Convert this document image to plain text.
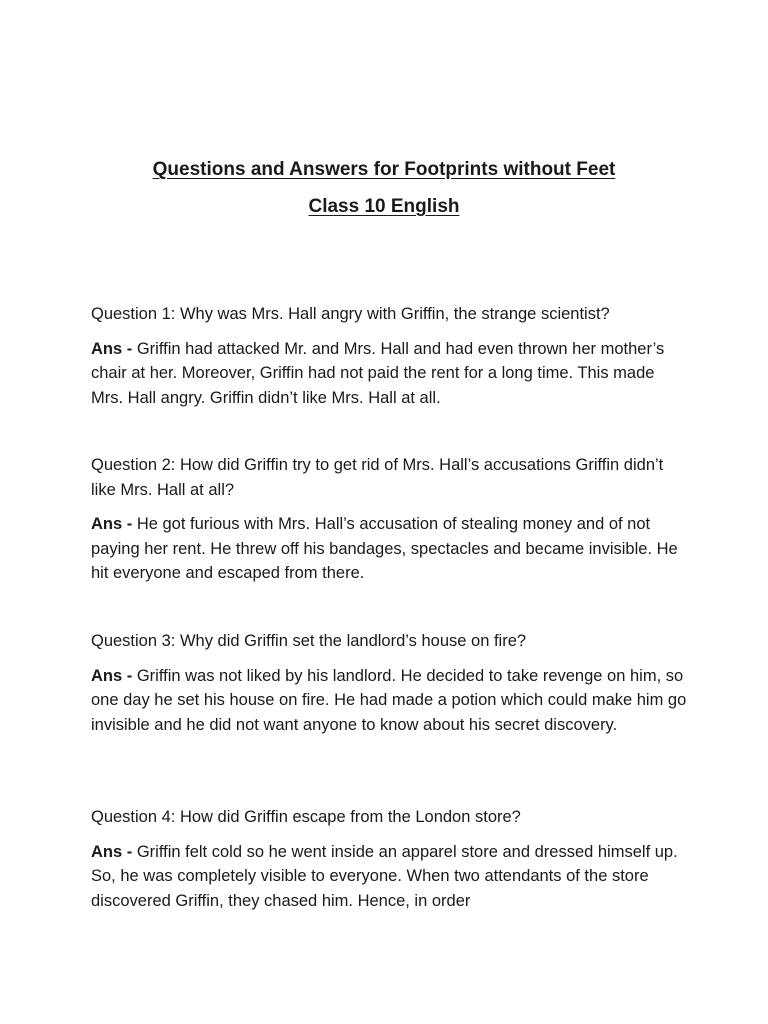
Questions and Answers for Footprints without Feet
Class 10 English

Question 1: Why was Mrs. Hall angry with Griffin, the strange scientist?

Ans - Griffin had attacked Mr. and Mrs. Hall and had even thrown her mother’s chair at her. Moreover, Griffin had not paid the rent for a long time. This made Mrs. Hall angry. Griffin didn’t like Mrs. Hall at all.

Question 2: How did Griffin try to get rid of Mrs. Hall’s accusations Griffin didn’t like Mrs. Hall at all?

Ans - He got furious with Mrs. Hall’s accusation of stealing money and of not paying her rent. He threw off his bandages, spectacles and became invisible. He hit everyone and escaped from there.

Question 3: Why did Griffin set the landlord’s house on fire?

Ans - Griffin was not liked by his landlord. He decided to take revenge on him, so one day he set his house on fire. He had made a potion which could make him go invisible and he did not want anyone to know about his secret discovery.

Question 4: How did Griffin escape from the London store?

Ans - Griffin felt cold so he went inside an apparel store and dressed himself up. So, he was completely visible to everyone. When two attendants of the store discovered Griffin, they chased him. Hence, in order
